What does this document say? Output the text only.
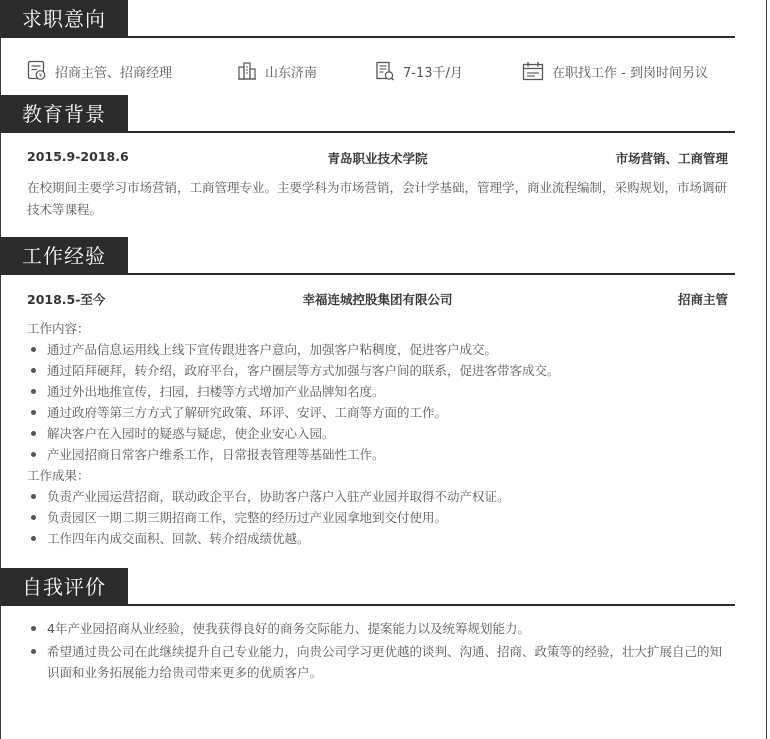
求职意向
¥ 招商主管、招商经理	山东济南	7-13千/月	在职找工作 - 到岗时间另议
教育背景
2015.9-2018.6	青岛职业技术学院	市场营销、工商管理
在校期间主要学习市场营销，工商管理专业。主要学科为市场营销，会计学基础，管理学，商业流程编制，采购规划，市场调研技术等课程。
工作经验
2018.5-至今	幸福连城控股集团有限公司	招商主管
工作内容：
通过产品信息运用线上线下宣传跟进客户意向，加强客户粘稠度，促进客户成交。
通过陌拜硬拜，转介绍，政府平台，客户圈层等方式加强与客户间的联系，促进客带客成交。
通过外出地推宣传，扫园，扫楼等方式增加产业品牌知名度。
通过政府等第三方方式了解研究政策、环评、安评、工商等方面的工作。
解决客户在入园时的疑惑与疑虑，使企业安心入园。
产业园招商日常客户维系工作，日常报表管理等基础性工作。
工作成果：
负责产业园运营招商，联动政企平台，协助客户落户入驻产业园并取得不动产权证。
负责园区一期二期三期招商工作，完整的经历过产业园拿地到交付使用。
工作四年内成交面积、回款、转介绍成绩优越。
自我评价
4年产业园招商从业经验，使我获得良好的商务交际能力、提案能力以及统筹规划能力。
希望通过贵公司在此继续提升自己专业能力，向贵公司学习更优越的谈判、沟通、招商、政策等的经验，壮大扩展自己的知识面和业务拓展能力给贵司带来更多的优质客户。
